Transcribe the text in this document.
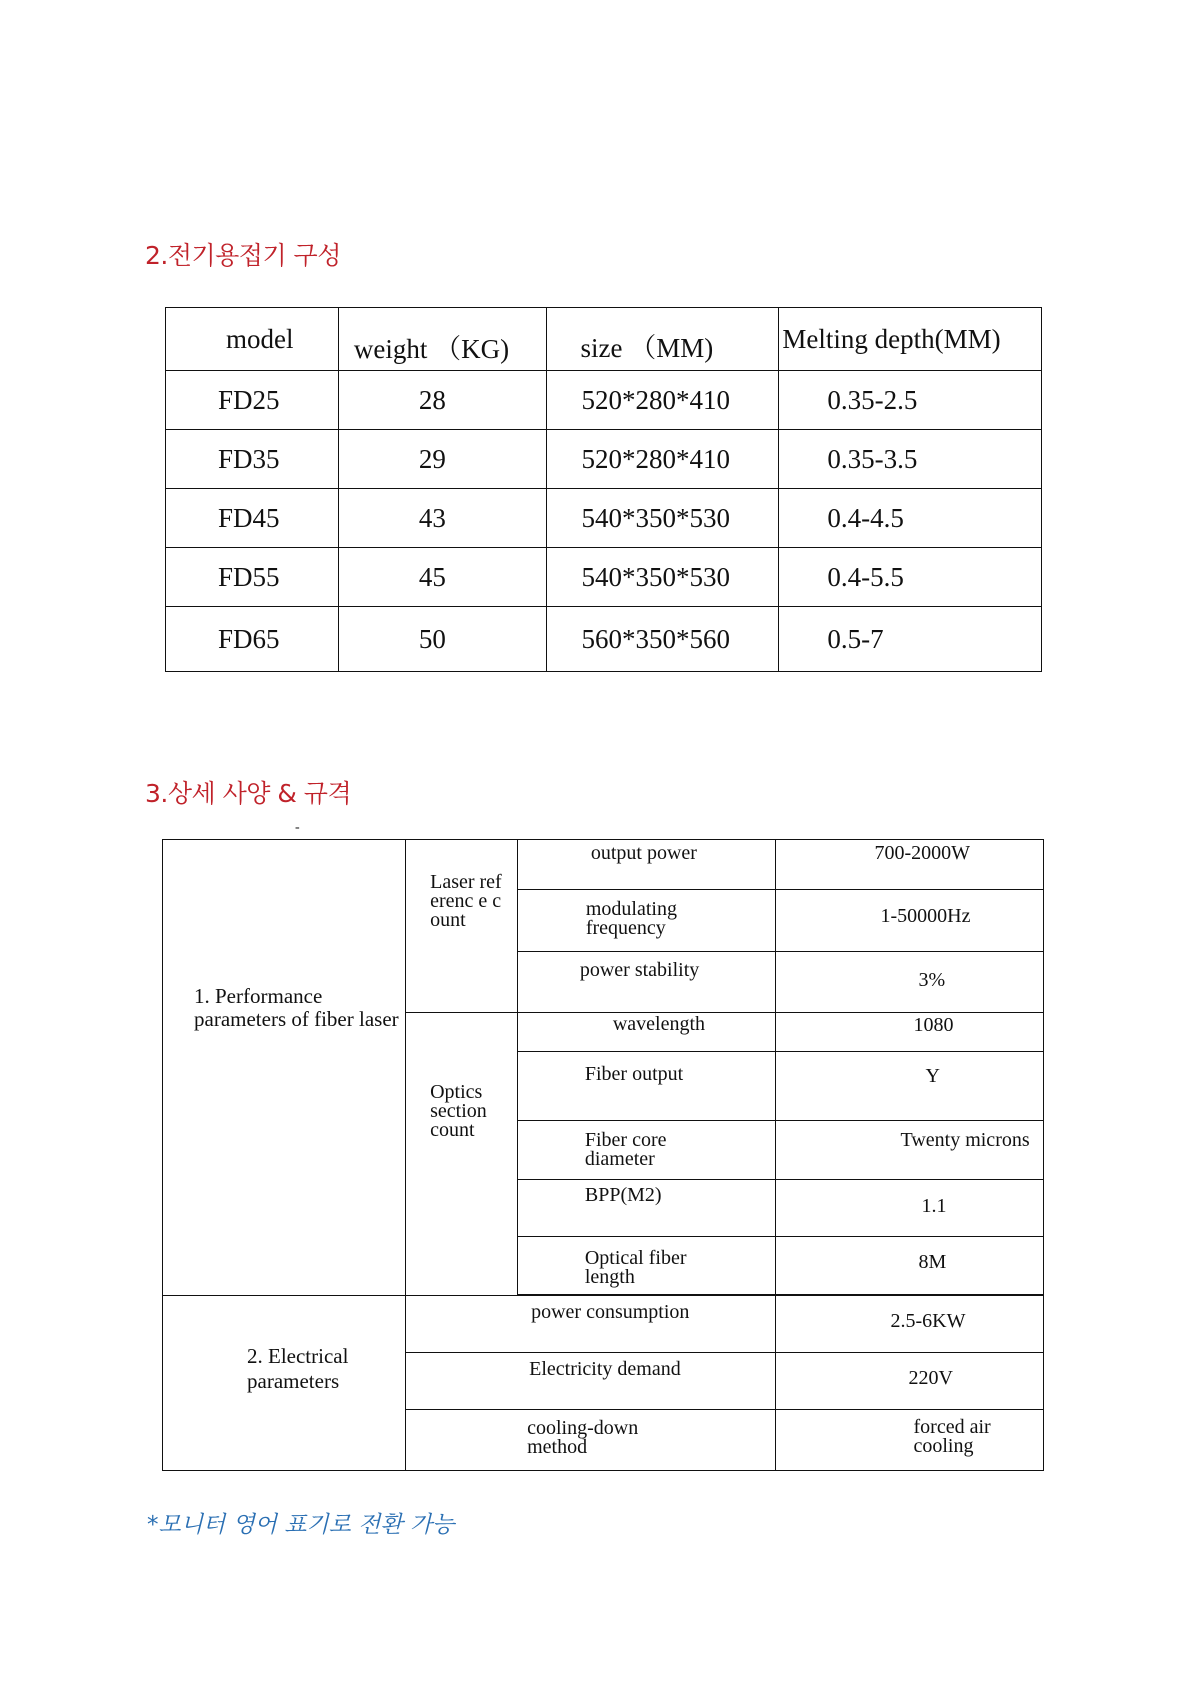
2.전기용접기 구성
model	weight （KG)	size （MM)	Melting depth(MM)
FD25	28	520*280*410	0.35-2.5
FD35	29	520*280*410	0.35-3.5
FD45	43	540*350*530	0.4-4.5
FD55	45	540*350*530	0.4-5.5
FD65	50	560*350*560	0.5-7
3.상세 사양 & 규격
-
1. Performance parameters of fiber laser	Laser referenc e count	output power	700-2000W
		modulating frequency	1-50000Hz
		power stability	3%

	Optics section count	wavelength	1080
		Fiber output	Y
		Fiber core diameter	Twenty microns
		BPP(M2)	1.1
		Optical fiber length	8M

2. Electrical parameters	power consumption		2.5-6KW
	Electricity demand		220V

	cooling-down method		forced air cooling
*모니터 영어 표기로 전환 가능
